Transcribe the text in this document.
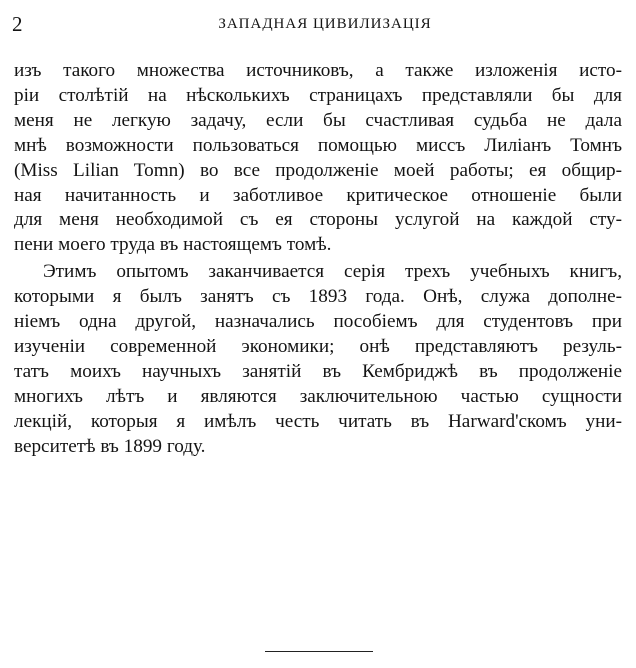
2	ЗАПАДНАЯ ЦИВИЛИЗАЦІЯ
изъ такого множества источниковъ, а также изложенія исто-
ріи столѣтій на нѣсколькихъ страницахъ представляли бы для
меня не легкую задачу, если бы счастливая судьба не дала
мнѣ возможности пользоваться помощью миссъ Лиліанъ Томнъ
(Miss Lilian Tomn) во все продолженіе моей работы; ея общир-
ная начитанность и заботливое критическое отношеніе были
для меня необходимой съ ея стороны услугой на каждой сту-
пени моего труда въ настоящемъ томѣ.
Этимъ опытомъ заканчивается серія трехъ учебныхъ книгъ,
которыми я былъ занятъ съ 1893 года. Онѣ, служа дополне-
ніемъ одна другой, назначались пособіемъ для студентовъ при
изученіи современной экономики; онѣ представляютъ резуль-
татъ моихъ научныхъ занятій въ Кембриджѣ въ продолженіе
многихъ лѣтъ и являются заключительною частью сущности
лекцій, которыя я имѣлъ честь читать въ Harward'скомъ уни-
верситетѣ въ 1899 году.
